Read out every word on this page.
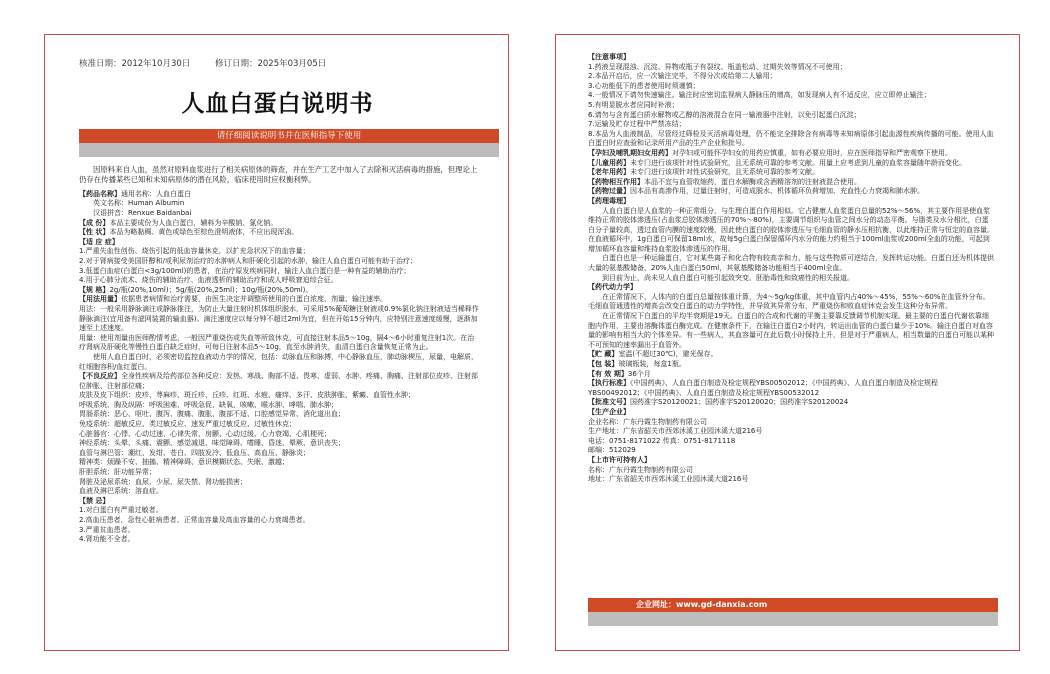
核准日期：2012年10月30日	修订日期：2025年03月05日
人血白蛋白说明书
请仔细阅读说明书并在医师指导下使用

因原料来自人血，虽然对原料血浆进行了相关病原体的筛查，并在生产工艺中加入了去除和灭活病毒的措施，但理论上仍存在传播某些已知和未知病原体的潜在风险，临床使用时应权衡利弊。

【药品名称】通用名称：人血白蛋白

英文名称：Human Albumin

汉语拼音：Renxue Baidanbai

【成 份】本品主要成份为人血白蛋白，辅料为辛酸钠、氯化钠。

【性 状】本品为略黏稠、黄色或绿色至棕色澄明液体，不应出现浑浊。

【适 应 症】

1.严重失血性创伤、烧伤引起的低血容量休克，以扩充急状况下的血容量；

2.对于肾病接受美国肝醇和/或利尿剂治疗的水肿病人和肝硬化引起的水肿，输注人血白蛋白可能有助于治疗；

3.低蛋白血症(白蛋白<3g/100ml)的患者，在治疗原发疾病同时，输注人血白蛋白是一种有益的辅助治疗；

4.用于心肺分流术、烧伤的辅助治疗、血液透析的辅助治疗和成人呼吸窘迫综合征。

【规 格】2g/瓶(20%,10ml)；5g/瓶(20%,25ml)；10g/瓶(20%,50ml)。

【用法用量】依据患者病情和治疗需要，由医生决定并调整所使用的白蛋白浓度、剂量、输注速率。

用法：一般采用静脉滴注或静脉推注，为防止大量注射时机体组织脱水，可采用5%葡萄糖注射液或0.9%氯化钠注射液适当稀释作静脉滴注(宜用备有滤网装置的输血器)。滴注速度应以每分钟不超过2ml为宜，但在开始15分钟内，应特别注意速度缓慢，逐渐加速至上述速度。

用量：使用剂量由医师酌情考虑，一般因严重烧伤或失血等所致休克，可直接注射本品5～10g，隔4～6小时重复注射1次。在治疗肾病及肝硬化等慢性白蛋白缺乏症时，可每日注射本品5～10g，直至水肿消失，血清白蛋白含量恢复正常为止。

使用人血白蛋白时，必须密切监控血液动力学的情况，包括：动脉血压和脉搏，中心静脉血压，肺动脉楔压，尿量，电解质，红细胞容积/血红蛋白。

【不良反应】全身性疾病及给药部位各种反应：发热、寒战、胸部不适、畏寒、虚弱、水肿、疼痛、胸痛、注射部位皮疹、注射部位肿胀、注射部位痛；

皮肤及皮下组织：皮疹、荨麻疹、斑丘疹、丘疹、红斑、水疱、瘙痒、多汗、皮肤肿胀、紫癜、血管性水肿；

呼吸系统、胸及纵隔：呼吸困难、呼吸急促、缺氧、咳嗽、喉水肿、哮喘、肺水肿；

胃肠系统：恶心、呕吐、腹泻、腹痛、腹胀、腹部不适、口腔感觉异常、消化道出血；

免疫系统：超敏反应、类过敏反应、速发严重过敏反应、过敏性休克；

心脏器官：心悸、心动过速、心律失常、房颤、心动过缓、心力衰竭、心肌梗死；

神经系统：头晕、头痛、震颤、感觉减退、味觉障碍、嗜睡、昏迷、晕厥、意识丧失；

血管与淋巴管：潮红、发绀、苍白、四肢发冷、低血压、高血压、静脉炎；

精神类：烦躁不安、抽搐、精神障碍、意识模糊状态、失眠、激越；

肝胆系统：肝功能异常；

肾脏及泌尿系统：血尿、少尿、尿失禁、肾功能损害；

血液及淋巴系统：溶血症。

【禁 忌】

1.对白蛋白有严重过敏者。

2.高血压患者，急性心脏病患者、正常血容量及高血容量的心力衰竭患者。

3.严重贫血患者。

4.肾功能不全者。

【注意事项】

1.药液呈现混浊、沉淀、异物或瓶子有裂纹、瓶盖松动、过期失效等情况不可使用；

2.本品开启后，应一次输注完毕，不得分次或给第二人输用；

3.心功能低下的患者使用时须谨慎；

4.一般情况下请勿快速输注。输注时应密切监视病人静脉压的增高，如发现病人有不适反应，应立即停止输注；

5.有明显脱水者应同时补液；

6.请勿与含有蛋白质水解物或乙醇的溶液混合在同一输液器中注射，以免引起蛋白沉淀；

7.运输及贮存过程中严禁冻结；

8.本品为人血液制品，尽管经过筛检及灭活病毒处理，仍不能完全排除含有病毒等未知病原体引起血源性疾病传播的可能。使用人血白蛋白时应查验和记录所用产品的生产企业和批号。

【孕妇及哺乳期妇女用药】对孕妇或可能怀孕妇女的用药应慎重，如有必要应用时，应在医师指导和严密观察下使用。

【儿童用药】未专门进行该项针对性试验研究，且无系统可靠的参考文献。用量上应考虑到儿童的血浆容量随年龄而变化。

【老年用药】未专门进行该项针对性试验研究，且无系统可靠的参考文献。

【药物相互作用】本品不宜与血管收缩药，蛋白水解酶或含酒精溶剂的注射液混合使用。

【药物过量】因本品有高渗作用，过量注射时，可造成脱水、机体循环负荷增加、充血性心力衰竭和肺水肿。

【药理毒理】

人血白蛋白是人血浆的一种正常组分，与生理白蛋白作用相似。它占健康人血浆蛋白总量的52%～56%，其主要作用是使血浆维持正常的胶体渗透压(占血浆总胶体渗透压的70%～80%)，主要调节组织与血管之间水分的动态平衡。与脂类及水分相比，白蛋白分子量较高，透过血管内膜的速度较慢，因此使白蛋白的胶体渗透压与毛细血管的静水压相抗衡，以此维持正常与恒定的血容量。在血液循环中，1g白蛋白可保留18ml水，故每5g白蛋白保留循环内水分的能力约相当于100ml血浆或200ml全血的功能，可起到增加循环血容量和维持血浆胶体渗透压的作用。

白蛋白也是一种运输蛋白，它对某些离子和化合物有较高亲和力，能与这些物质可逆结合，发挥转运功能。白蛋白还为机体提供大量的氨基酸储备，20%人血白蛋白50ml，其氨基酸储备功能相当于400ml全血。

到目前为止，尚未见人血白蛋白可能引起致突变、胚胎毒性和致癌性的相关报道。

【药代动力学】

在正常情况下，人体内的白蛋白总量按体重计算，为4～5g/kg体重，其中血管内占40%～45%，55%～60%在血管外分布。毛细血管通透性的增高会改变白蛋白的动力学特性，并导致其异常分布，严重烧伤和败血症休克会发生这种分布异常。

在正常情况下白蛋白的平均半衰期是19天。白蛋白的合成和代谢的平衡主要靠反馈调节机制实现。最主要的白蛋白代谢依靠细胞内作用，主要由溶酶体蛋白酶完成。在健康条件下，在输注白蛋白2小时内，转运出血管的白蛋白量少于10%。输注白蛋白对血容量的影响有相当大的个体差异。有一些病人，其血容量可在此后数小时保持上升，但是对于严重病人，相当数量的白蛋白可能以某种不可预知的速率漏出于血管外。

【贮 藏】室温(不超过30℃)，避光保存。

【包 装】玻璃瓶装，每盒1瓶。

【有 效 期】36个月

【执行标准】《中国药典》、人血白蛋白制造及检定规程YBS00502012；《中国药典》、人血白蛋白制造及检定规程YBS00492012；《中国药典》、人血白蛋白制造及检定规程YBS00532012

【批准文号】国药准字S20120021；国药准字S20120020；国药准字S20120024

【生产企业】

企业名称：广东丹霞生物制药有限公司

生产地址：广东省韶关市西郊沐溪工业园沐溪大道216号

电话：0751-8171022 传真：0751-8171118

邮编：512029

【上市许可持有人】

名称：广东丹霞生物制药有限公司

地址：广东省韶关市西郊沐溪工业园沐溪大道216号

企业网址：www.gd-danxia.com
